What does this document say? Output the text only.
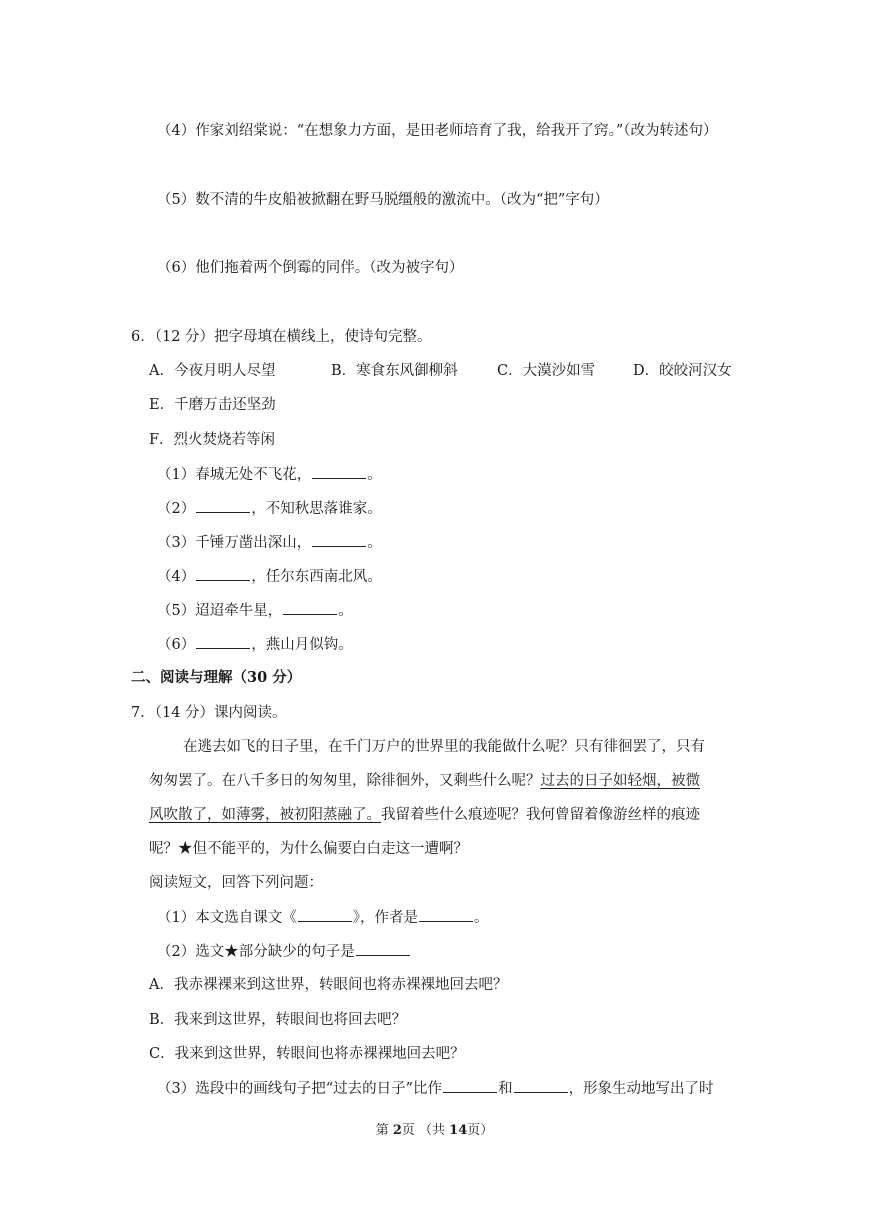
（4）作家刘绍棠说：“在想象力方面，是田老师培育了我，给我开了窍。”（改为转述句）
（5）数不清的牛皮船被掀翻在野马脱缰般的激流中。（改为“把”字句）
（6）他们拖着两个倒霉的同伴。（改为被字句）
6．（12 分）把字母填在横线上，使诗句完整。
A．今夜月明人尽望	B．寒食东风御柳斜	C．大漠沙如雪	D．皎皎河汉女
E．千磨万击还坚劲
F．烈火焚烧若等闲
（1）春城无处不飞花，	。
（2）	，不知秋思落谁家。
（3）千锤万凿出深山，	。
（4）	，任尔东西南北风。
（5）迢迢牵牛星，	。
（6）	，燕山月似钩。
二、阅读与理解（30 分）
7．（14 分）课内阅读。
在逃去如飞的日子里，在千门万户的世界里的我能做什么呢？只有徘徊罢了，只有
匆匆罢了。在八千多日的匆匆里，除徘徊外，又剩些什么呢？过去的日子如轻烟，被微
风吹散了，如薄雾，被初阳蒸融了。我留着些什么痕迹呢？我何曾留着像游丝样的痕迹
呢？★但不能平的，为什么偏要白白走这一遭啊？
阅读短文，回答下列问题：
（1）本文选自课文《	》，作者是	。
（2）选文★部分缺少的句子是
A．我赤裸裸来到这世界，转眼间也将赤裸裸地回去吧？
B．我来到这世界，转眼间也将回去吧？
C．我来到这世界，转眼间也将赤裸裸地回去吧？
（3）选段中的画线句子把“过去的日子”比作	和	，形象生动地写出了时
第 2页 （共 14页）
